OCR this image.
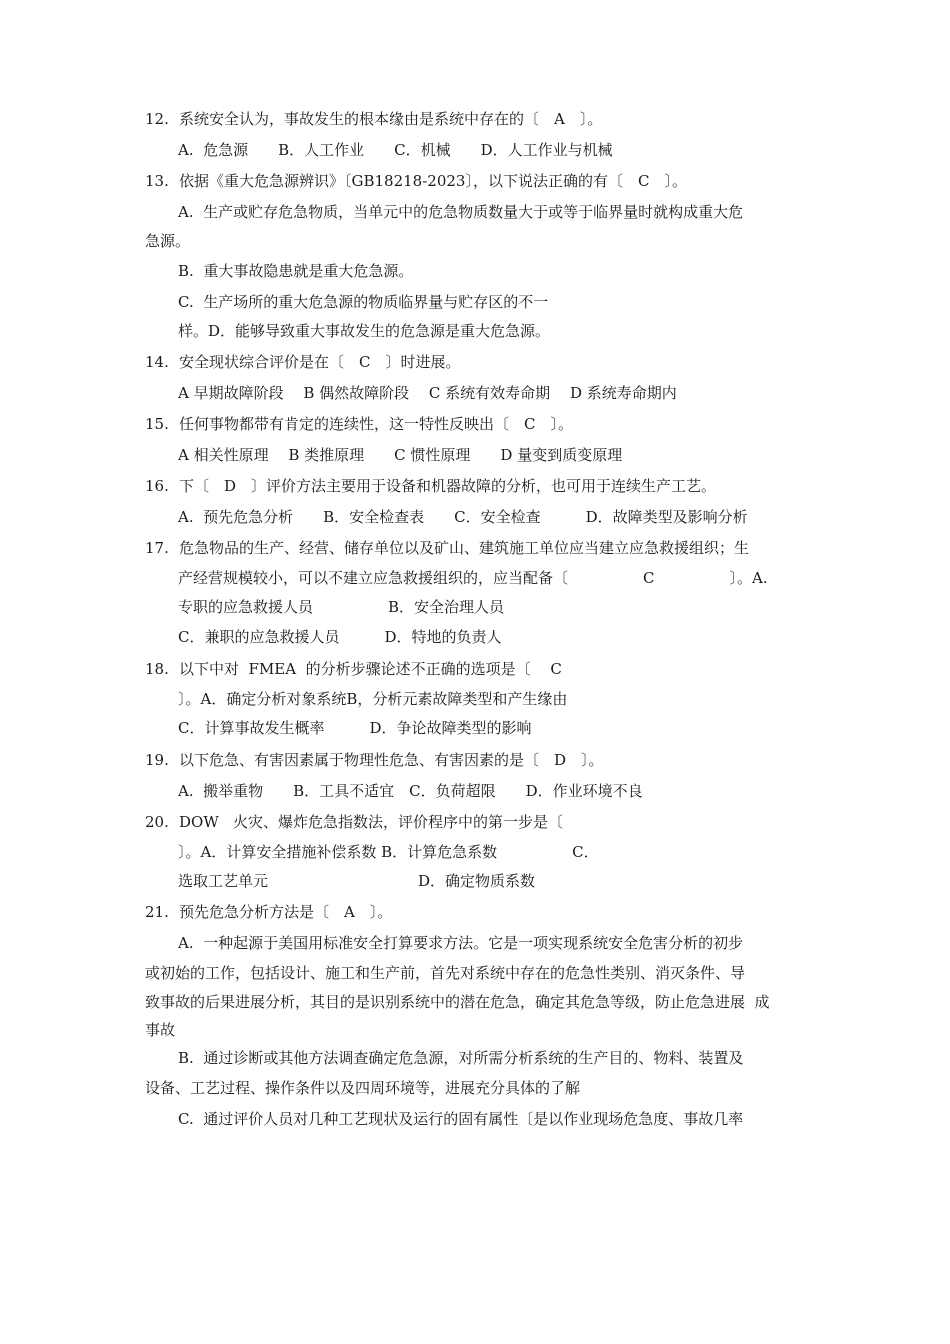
12. 系统安全认为，事故发生的根本缘由是系统中存在的〔　A　〕。
A.  危急源　　B．人工作业　　C．机械　　D．人工作业与机械
13. 依据《重大危急源辨识》〔GB18218-2023〕，以下说法正确的有〔　C　〕。
A.  生产或贮存危急物质，当单元中的危急物质数量大于或等于临界量时就构成重大危
急源。
B.  重大事故隐患就是重大危急源。
C.  生产场所的重大危急源的物质临界量与贮存区的不一
样。D．能够导致重大事故发生的危急源是重大危急源。
14. 安全现状综合评价是在〔　C　〕时进展。
A 早期故障阶段　 B 偶然故障阶段　 C 系统有效寿命期　 D 系统寿命期内
15. 任何事物都带有肯定的连续性，这一特性反映出〔　C　〕。
A 相关性原理　 B 类推原理　　C 惯性原理　　D 量变到质变原理
16. 下〔　D　〕评价方法主要用于设备和机器故障的分析，也可用于连续生产工艺。
A.  预先危急分析　　B．安全检查表　　C．安全检查　　　D．故障类型及影响分析
17. 危急物品的生产、经营、储存单位以及矿山、建筑施工单位应当建立应急救援组织；生
产经营规模较小，可以不建立应急救援组织的，应当配备〔　　　　　C　　　　　〕。A.
专职的应急救援人员　　　　　B．安全治理人员
C．兼职的应急救援人员　　　D．特地的负责人
18. 以下中对  FMEA  的分析步骤论述不正确的选项是〔　 C
〕。A．确定分析对象系统B，分析元素故障类型和产生缘由
C．计算事故发生概率　　　D．争论故障类型的影响
19. 以下危急、有害因素属于物理性危急、有害因素的是〔　D　〕。
A.  搬举重物　　B．工具不适宜　C．负荷超限　　D．作业环境不良
20. DOW   火灾、爆炸危急指数法，评价程序中的第一步是〔
〕。A．计算安全措施补偿系数 B．计算危急系数　　　　　C．
选取工艺单元　　　　　　　　　　D．确定物质系数
21. 预先危急分析方法是〔　A　〕。
A.  一种起源于美国用标准安全打算要求方法。它是一项实现系统安全危害分析的初步
或初始的工作，包括设计、施工和生产前，首先对系统中存在的危急性类别、消灭条件、导
致事故的后果进展分析，其目的是识别系统中的潜在危急，确定其危急等级，防止危急进展  成
事故
B.  通过诊断或其他方法调查确定危急源，对所需分析系统的生产目的、物料、装置及
设备、工艺过程、操作条件以及四周环境等，进展充分具体的了解
C.  通过评价人员对几种工艺现状及运行的固有属性〔是以作业现场危急度、事故几率
